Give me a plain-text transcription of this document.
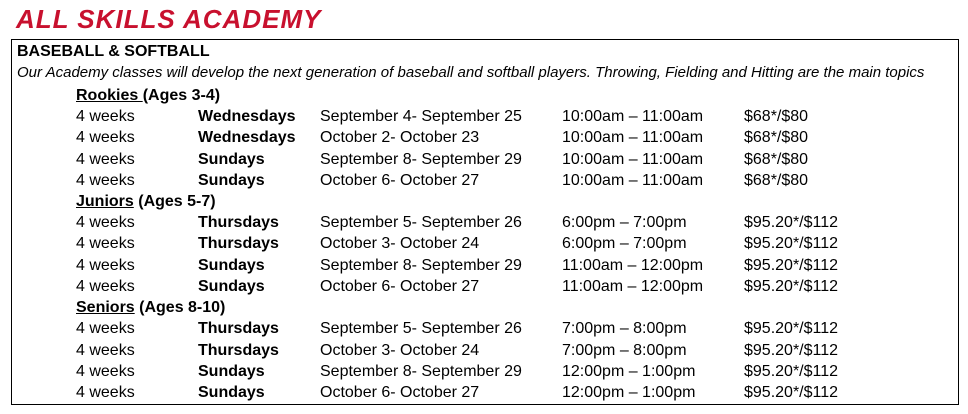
ALL SKILLS ACADEMY
BASEBALL & SOFTBALL
Our Academy classes will develop the next generation of baseball and softball players. Throwing, Fielding and Hitting are the main topics
Rookies (Ages 3-4)
4 weeks	Wednesdays September 4- September 25	10:00am – 11:00am	$68*/$80
4 weeks	Wednesdays October 2- October 23	10:00am – 11:00am	$68*/$80
4 weeks	Sundays	September 8- September 29	10:00am – 11:00am	$68*/$80
4 weeks	Sundays	October 6- October 27	10:00am – 11:00am	$68*/$80
Juniors (Ages 5-7)
4 weeks	Thursdays	September 5- September 26	6:00pm – 7:00pm	$95.20*/$112
4 weeks	Thursdays	October 3- October 24	6:00pm – 7:00pm	$95.20*/$112
4 weeks	Sundays	September 8- September 29	11:00am – 12:00pm	$95.20*/$112
4 weeks	Sundays	October 6- October 27	11:00am – 12:00pm	$95.20*/$112
Seniors (Ages 8-10)
4 weeks	Thursdays	September 5- September 26	7:00pm – 8:00pm	$95.20*/$112
4 weeks	Thursdays	October 3- October 24	7:00pm – 8:00pm	$95.20*/$112
4 weeks	Sundays	September 8- September 29	12:00pm – 1:00pm	$95.20*/$112
4 weeks	Sundays	October 6- October 27	12:00pm – 1:00pm	$95.20*/$112
